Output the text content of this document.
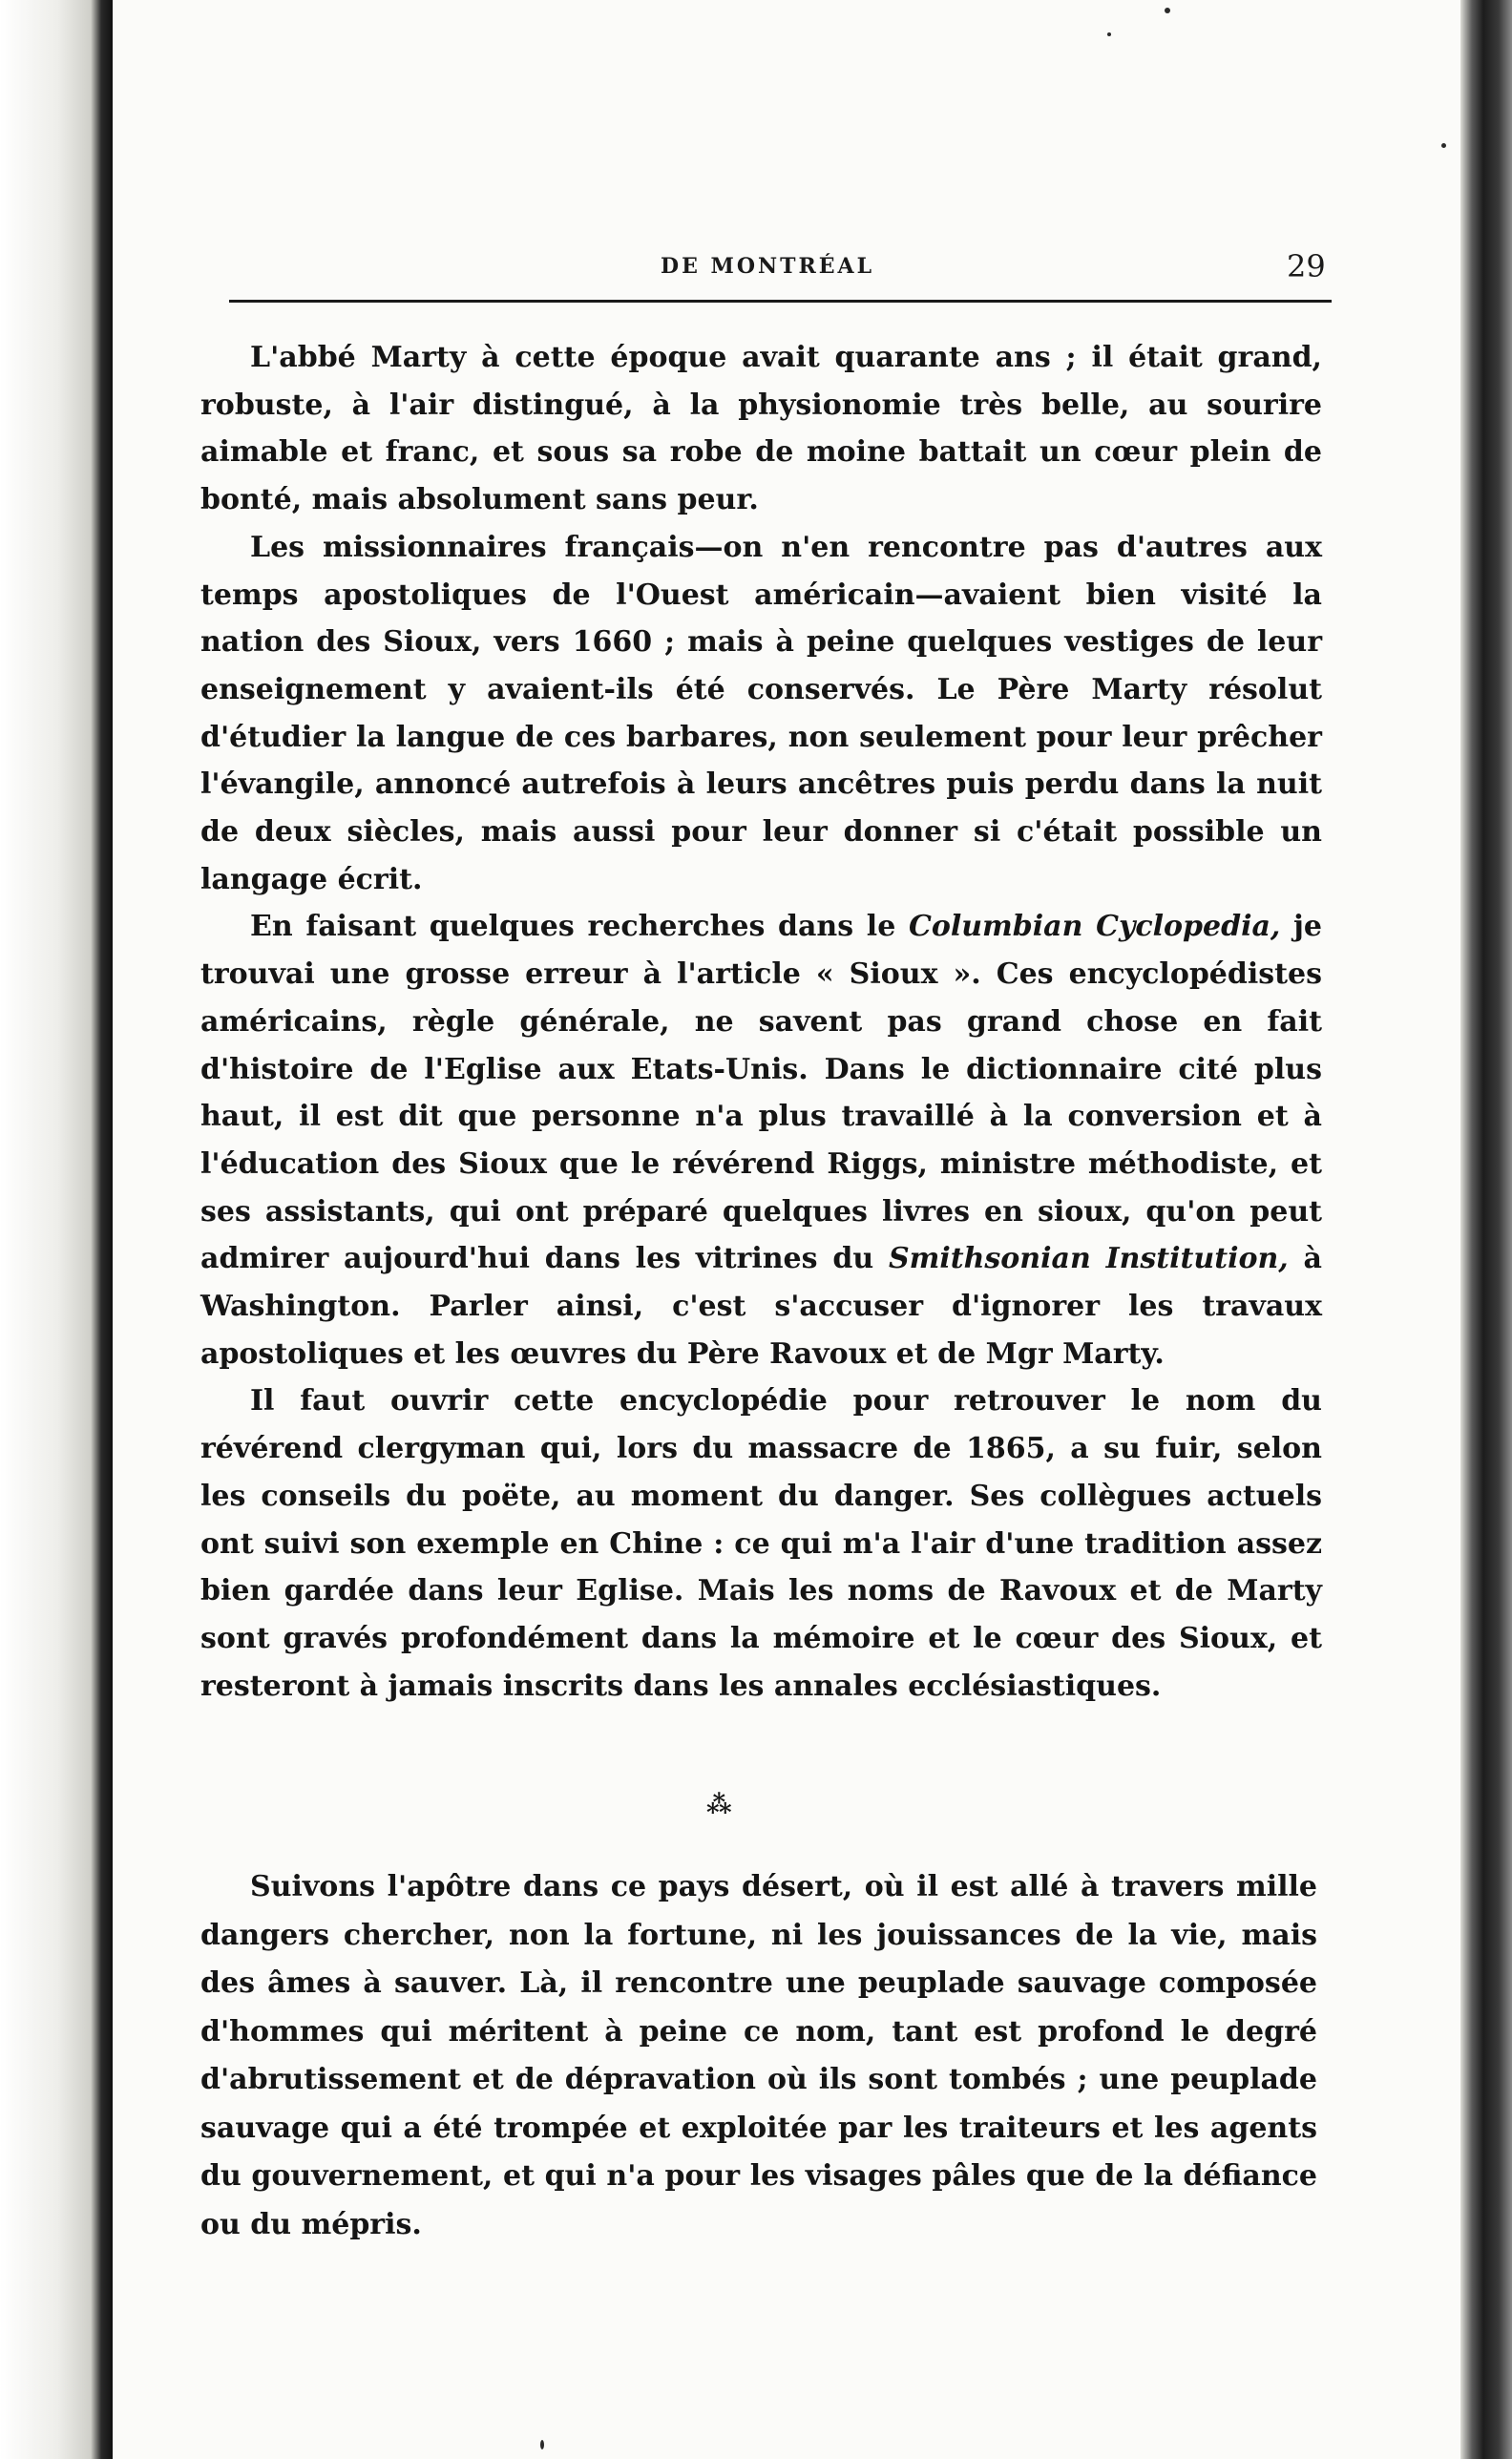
DE MONTRÉAL	29

L'abbé Marty à cette époque avait quarante ans ; il était grand, robuste, à l'air distingué, à la physionomie très belle, au sourire aimable et franc, et sous sa robe de moine battait un cœur plein de bonté, mais absolument sans peur.

Les missionnaires français—on n'en rencontre pas d'autres aux temps apostoliques de l'Ouest américain—avaient bien visité la nation des Sioux, vers 1660 ; mais à peine quelques vestiges de leur enseignement y avaient-ils été conservés. Le Père Marty résolut d'étudier la langue de ces barbares, non seulement pour leur prêcher l'évangile, annoncé autrefois à leurs ancêtres puis perdu dans la nuit de deux siècles, mais aussi pour leur donner si c'était possible un langage écrit.

En faisant quelques recherches dans le Columbian Cyclopedia, je trouvai une grosse erreur à l'article « Sioux ». Ces encyclopédistes américains, règle générale, ne savent pas grand chose en fait d'histoire de l'Eglise aux Etats-Unis. Dans le dictionnaire cité plus haut, il est dit que personne n'a plus travaillé à la conversion et à l'éducation des Sioux que le révérend Riggs, ministre méthodiste, et ses assistants, qui ont préparé quelques livres en sioux, qu'on peut admirer aujourd'hui dans les vitrines du Smithsonian Institution, à Washington. Parler ainsi, c'est s'accuser d'ignorer les travaux apostoliques et les œuvres du Père Ravoux et de Mgr Marty.

Il faut ouvrir cette encyclopédie pour retrouver le nom du révérend clergyman qui, lors du massacre de 1865, a su fuir, selon les conseils du poëte, au moment du danger. Ses collègues actuels ont suivi son exemple en Chine : ce qui m'a l'air d'une tradition assez bien gardée dans leur Eglise. Mais les noms de Ravoux et de Marty sont gravés profondément dans la mémoire et le cœur des Sioux, et resteront à jamais inscrits dans les annales ecclésiastiques.

⁂

Suivons l'apôtre dans ce pays désert, où il est allé à travers mille dangers chercher, non la fortune, ni les jouissances de la vie, mais des âmes à sauver. Là, il rencontre une peuplade sauvage composée d'hommes qui méritent à peine ce nom, tant est profond le degré d'abrutissement et de dépravation où ils sont tombés ; une peuplade sauvage qui a été trompée et exploitée par les traiteurs et les agents du gouvernement, et qui n'a pour les visages pâles que de la défiance ou du mépris.
